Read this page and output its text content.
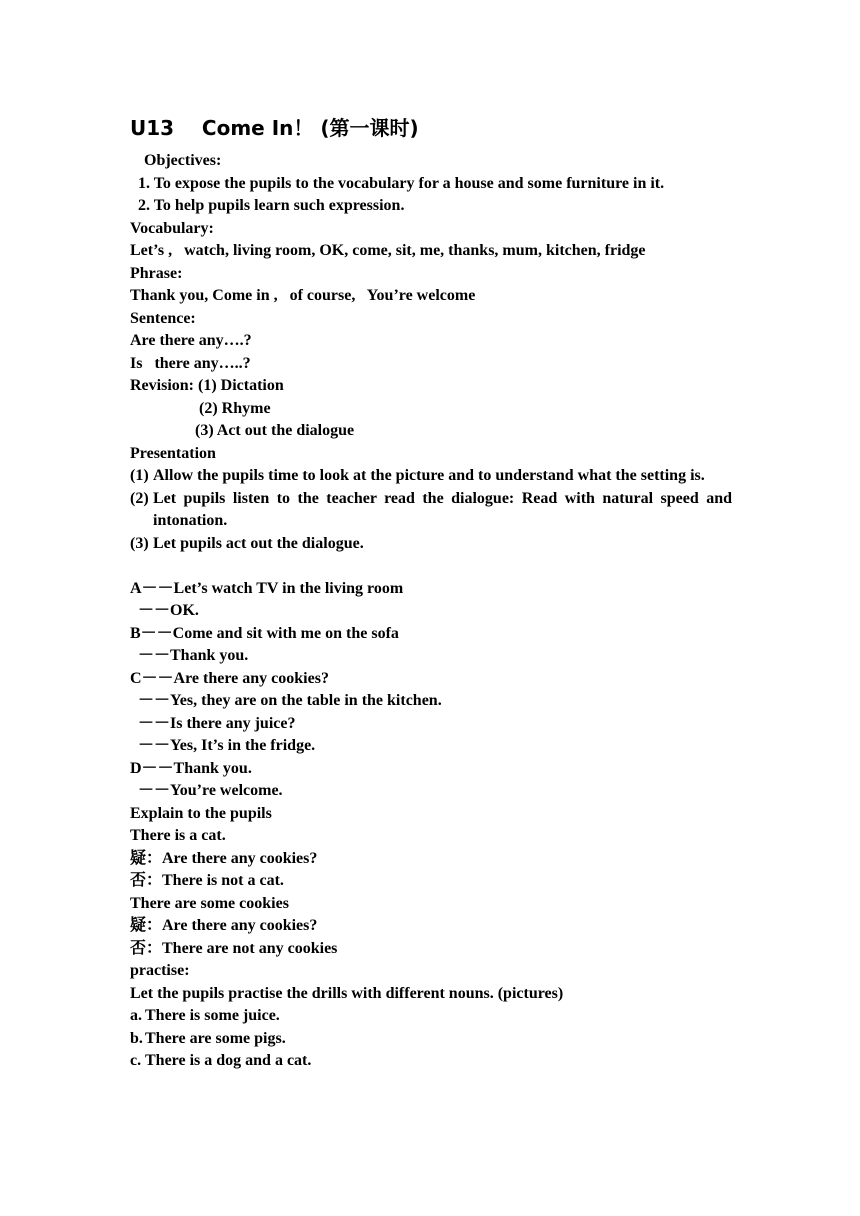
U13    Come In！ (第一课时)
Objectives:
1. To expose the pupils to the vocabulary for a house and some furniture in it.
2. To help pupils learn such expression.
Vocabulary:
Let’s ,   watch, living room, OK, come, sit, me, thanks, mum, kitchen, fridge
Phrase:
Thank you, Come in ,   of course,   You’re welcome
Sentence:
Are there any….?
Is   there any…..?
Revision: (1) Dictation
(2) Rhyme
(3) Act out the dialogue
Presentation
(1) Allow the pupils time to look at the picture and to understand what the setting is.
(2) Let pupils listen to the teacher read the dialogue: Read with natural speed and intonation.
(3) Let pupils act out the dialogue.
A－－Let’s watch TV in the living room
－－OK.
B－－Come and sit with me on the sofa
－－Thank you.
C－－Are there any cookies?
－－Yes, they are on the table in the kitchen.
－－Is there any juice?
－－Yes, It’s in the fridge.
D－－Thank you.
－－You’re welcome.
Explain to the pupils
There is a cat.
疑：Are there any cookies?
否：There is not a cat.
There are some cookies
疑：Are there any cookies?
否：There are not any cookies
practise:
Let the pupils practise the drills with different nouns. (pictures)
a. There is some juice.
b. There are some pigs.
c. There is a dog and a cat.
